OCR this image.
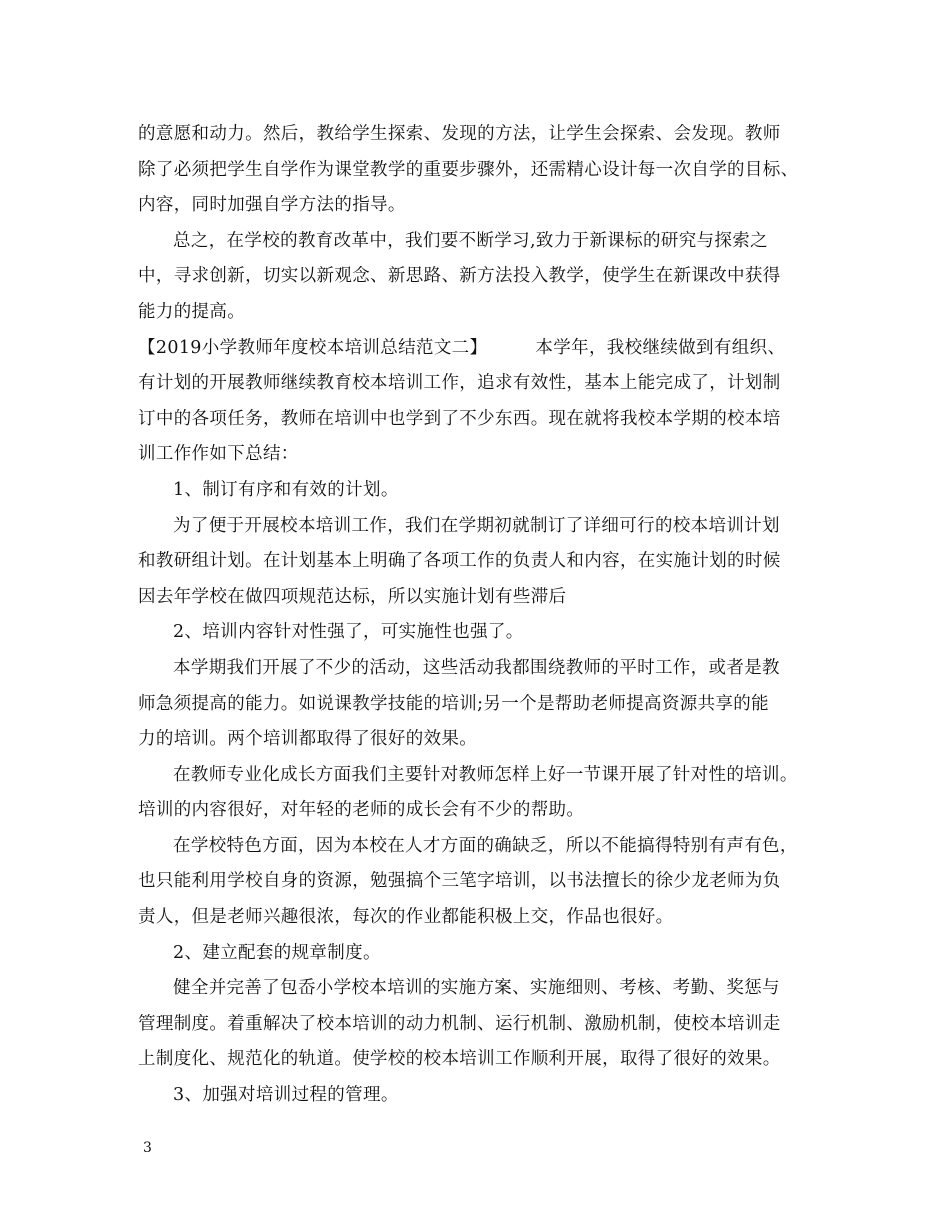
的意愿和动力。然后，教给学生探索、发现的方法，让学生会探索、会发现。教师
除了必须把学生自学作为课堂教学的重要步骤外，还需精心设计每一次自学的目标、
内容，同时加强自学方法的指导。
总之，在学校的教育改革中，我们要不断学习,致力于新课标的研究与探索之
中，寻求创新，切实以新观念、新思路、新方法投入教学，使学生在新课改中获得
能力的提高。
【2019小学教师年度校本培训总结范文二】	本学年，我校继续做到有组织、
有计划的开展教师继续教育校本培训工作，追求有效性，基本上能完成了，计划制
订中的各项任务，教师在培训中也学到了不少东西。现在就将我校本学期的校本培
训工作作如下总结：
1、制订有序和有效的计划。
为了便于开展校本培训工作，我们在学期初就制订了详细可行的校本培训计划
和教研组计划。在计划基本上明确了各项工作的负责人和内容，在实施计划的时候
因去年学校在做四项规范达标，所以实施计划有些滞后
2、培训内容针对性强了，可实施性也强了。
本学期我们开展了不少的活动，这些活动我都围绕教师的平时工作，或者是教
师急须提高的能力。如说课教学技能的培训;另一个是帮助老师提高资源共享的能
力的培训。两个培训都取得了很好的效果。
在教师专业化成长方面我们主要针对教师怎样上好一节课开展了针对性的培训。
培训的内容很好，对年轻的老师的成长会有不少的帮助。
在学校特色方面，因为本校在人才方面的确缺乏，所以不能搞得特别有声有色，
也只能利用学校自身的资源，勉强搞个三笔字培训，以书法擅长的徐少龙老师为负
责人，但是老师兴趣很浓，每次的作业都能积极上交，作品也很好。
2、建立配套的规章制度。
健全并完善了包岙小学校本培训的实施方案、实施细则、考核、考勤、奖惩与
管理制度。着重解决了校本培训的动力机制、运行机制、激励机制，使校本培训走
上制度化、规范化的轨道。使学校的校本培训工作顺利开展，取得了很好的效果。
3、加强对培训过程的管理。
3
